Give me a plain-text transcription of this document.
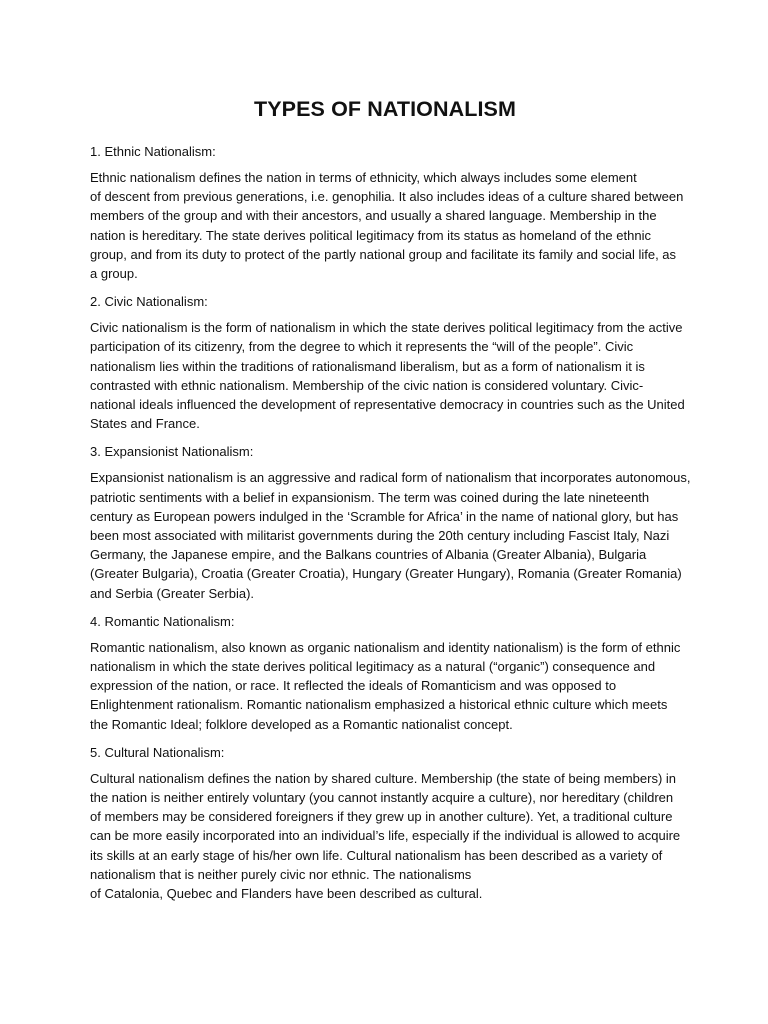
TYPES OF NATIONALISM
1. Ethnic Nationalism:
Ethnic nationalism defines the nation in terms of ethnicity, which always includes some element
of descent from previous generations, i.e. genophilia. It also includes ideas of a culture shared between
members of the group and with their ancestors, and usually a shared language. Membership in the
nation is hereditary. The state derives political legitimacy from its status as homeland of the ethnic
group, and from its duty to protect of the partly national group and facilitate its family and social life, as
a group.
2. Civic Nationalism:
Civic nationalism is the form of nationalism in which the state derives political legitimacy from the active
participation of its citizenry, from the degree to which it represents the “will of the people”. Civic
nationalism lies within the traditions of rationalismand liberalism, but as a form of nationalism it is
contrasted with ethnic nationalism. Membership of the civic nation is considered voluntary. Civic-
national ideals influenced the development of representative democracy in countries such as the United
States and France.
3. Expansionist Nationalism:
Expansionist nationalism is an aggressive and radical form of nationalism that incorporates autonomous,
patriotic sentiments with a belief in expansionism. The term was coined during the late nineteenth
century as European powers indulged in the ‘Scramble for Africa’ in the name of national glory, but has
been most associated with militarist governments during the 20th century including Fascist Italy, Nazi
Germany, the Japanese empire, and the Balkans countries of Albania (Greater Albania), Bulgaria
(Greater Bulgaria), Croatia (Greater Croatia), Hungary (Greater Hungary), Romania (Greater Romania)
and Serbia (Greater Serbia).
4. Romantic Nationalism:
Romantic nationalism, also known as organic nationalism and identity nationalism) is the form of ethnic
nationalism in which the state derives political legitimacy as a natural (“organic”) consequence and
expression of the nation, or race. It reflected the ideals of Romanticism and was opposed to
Enlightenment rationalism. Romantic nationalism emphasized a historical ethnic culture which meets
the Romantic Ideal; folklore developed as a Romantic nationalist concept.
5. Cultural Nationalism:
Cultural nationalism defines the nation by shared culture. Membership (the state of being members) in
the nation is neither entirely voluntary (you cannot instantly acquire a culture), nor hereditary (children
of members may be considered foreigners if they grew up in another culture). Yet, a traditional culture
can be more easily incorporated into an individual’s life, especially if the individual is allowed to acquire
its skills at an early stage of his/her own life. Cultural nationalism has been described as a variety of
nationalism that is neither purely civic nor ethnic. The nationalisms
of Catalonia, Quebec and Flanders have been described as cultural.
